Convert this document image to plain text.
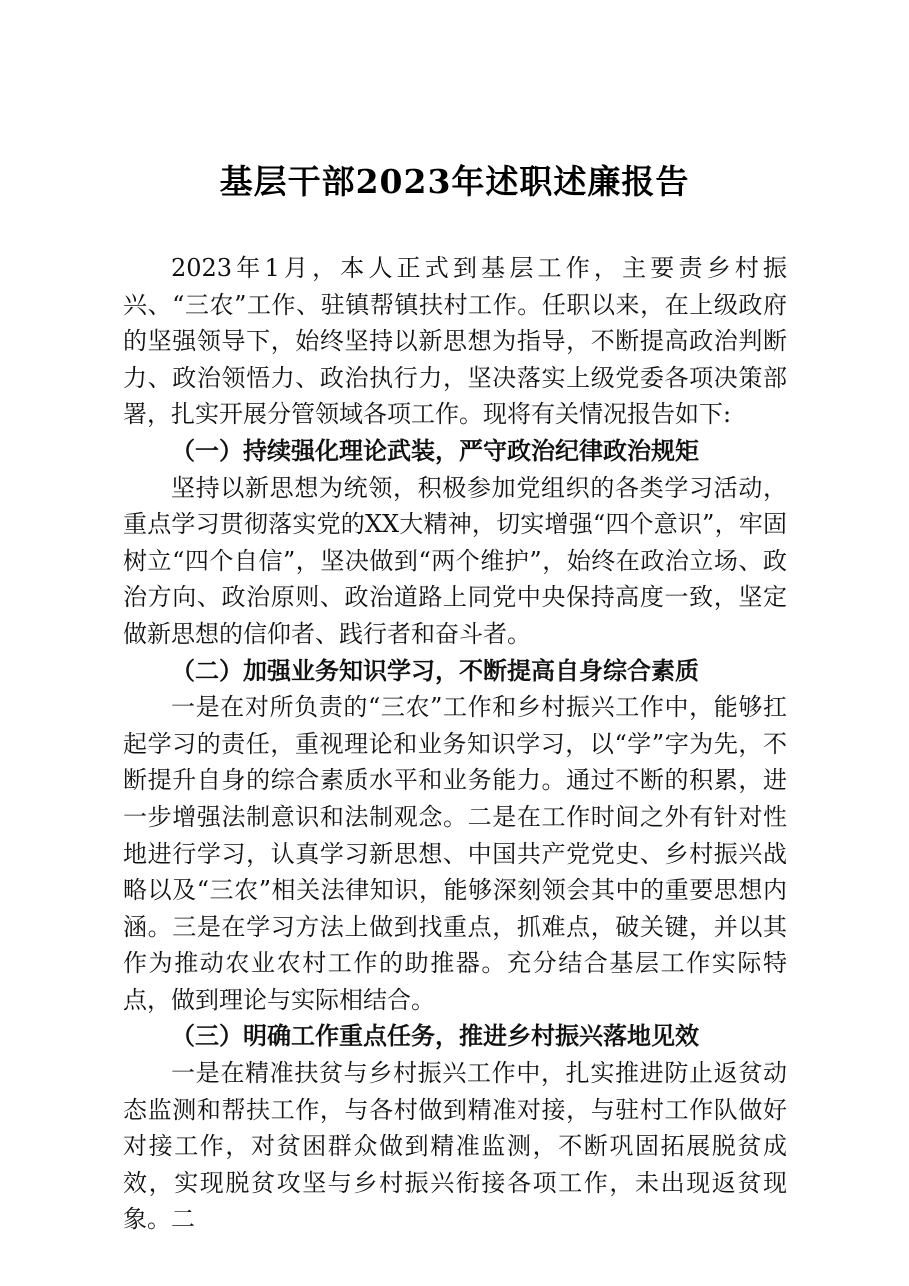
基层干部2023年述职述廉报告

2023年1月，本人正式到基层工作，主要责乡村振兴、“三农”工作、驻镇帮镇扶村工作。任职以来，在上级政府的坚强领导下，始终坚持以新思想为指导，不断提高政治判断力、政治领悟力、政治执行力，坚决落实上级党委各项决策部署，扎实开展分管领域各项工作。现将有关情况报告如下:

（一）持续强化理论武装，严守政治纪律政治规矩

坚持以新思想为统领，积极参加党组织的各类学习活动，重点学习贯彻落实党的XX大精神，切实增强“四个意识”，牢固树立“四个自信”，坚决做到“两个维护”，始终在政治立场、政治方向、政治原则、政治道路上同党中央保持高度一致，坚定做新思想的信仰者、践行者和奋斗者。

（二）加强业务知识学习，不断提高自身综合素质

一是在对所负责的“三农”工作和乡村振兴工作中，能够扛起学习的责任，重视理论和业务知识学习，以“学”字为先，不断提升自身的综合素质水平和业务能力。通过不断的积累，进一步增强法制意识和法制观念。二是在工作时间之外有针对性地进行学习，认真学习新思想、中国共产党党史、乡村振兴战略以及“三农”相关法律知识，能够深刻领会其中的重要思想内涵。三是在学习方法上做到找重点，抓难点，破关键，并以其作为推动农业农村工作的助推器。充分结合基层工作实际特点，做到理论与实际相结合。

（三）明确工作重点任务，推进乡村振兴落地见效

一是在精准扶贫与乡村振兴工作中，扎实推进防止返贫动态监测和帮扶工作，与各村做到精准对接，与驻村工作队做好对接工作，对贫困群众做到精准监测，不断巩固拓展脱贫成效，实现脱贫攻坚与乡村振兴衔接各项工作，未出现返贫现象。二
